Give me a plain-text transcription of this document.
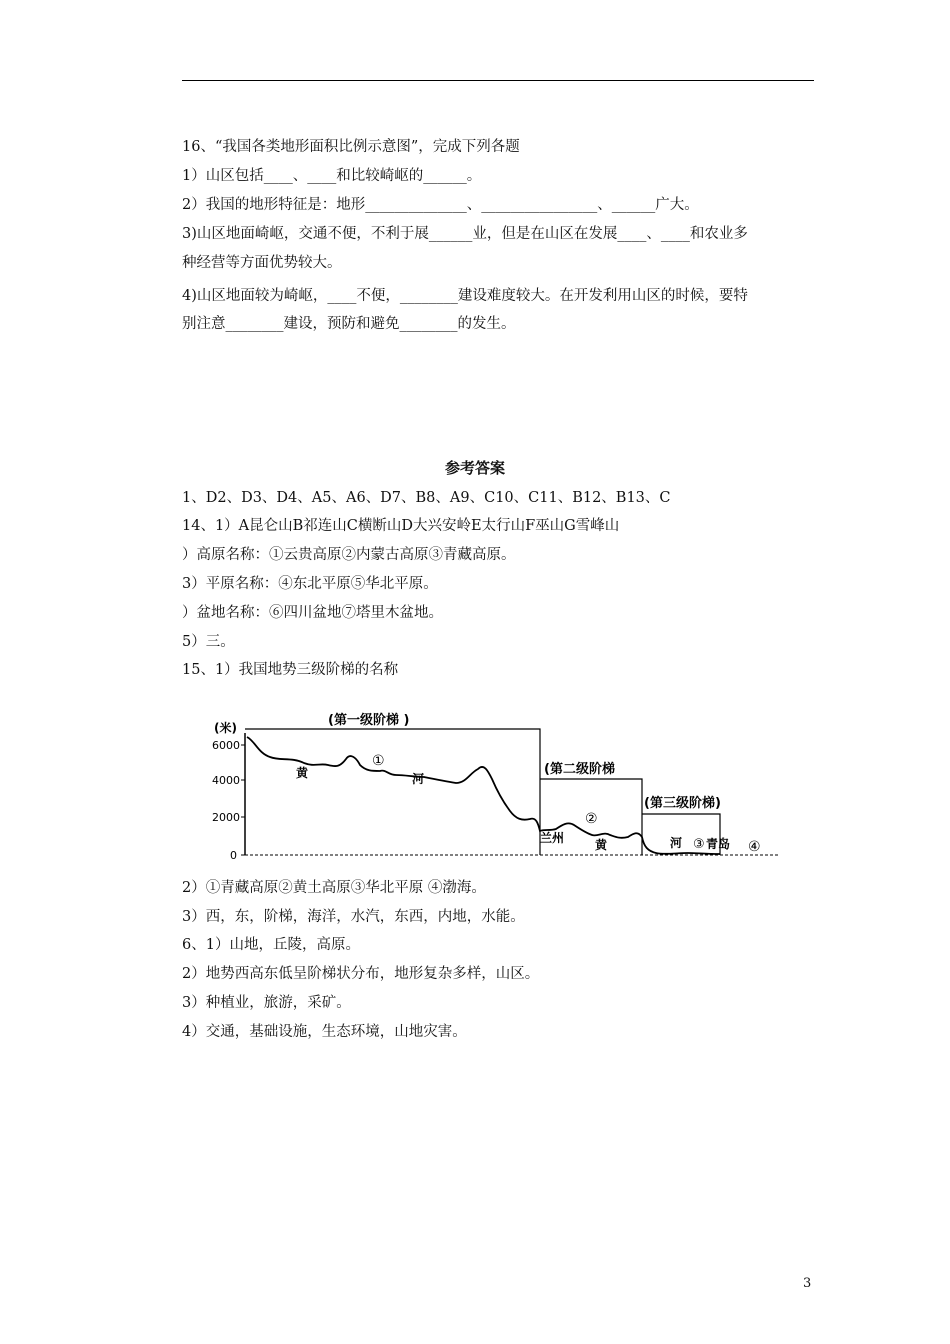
16、“我国各类地形面积比例示意图”，完成下列各题
1）山区包括____、____和比较崎岖的______。
2）我国的地形特征是：地形______________、________________、______广大。
3)山区地面崎岖，交通不便，不利于展______业，但是在山区在发展____、____和农业多
种经营等方面优势较大。
4)山区地面较为崎岖，____不便，________建设难度较大。在开发利用山区的时候，要特
别注意________建设，预防和避免________的发生。
参考答案
1、D2、D3、D4、A5、A6、D7、B8、A9、C10、C11、B12、B13、C
14、1）A昆仑山B祁连山C横断山D大兴安岭E太行山F巫山G雪峰山
）高原名称：①云贵高原②内蒙古高原③青藏高原。
3）平原名称：④东北平原⑤华北平原。
）盆地名称：⑥四川盆地⑦塔里木盆地。
5）三。
15、1）我国地势三级阶梯的名称
(米)
6000
4000
2000
0
(第一级阶梯 )
(第二级阶梯
(第三级阶梯)
①
②
③	④
黄	河
兰州	黄	河 青岛
2）①青藏高原②黄土高原③华北平原 ④渤海。
3）西，东，阶梯，海洋，水汽，东西，内地，水能。
6、1）山地，丘陵，高原。
2）地势西高东低呈阶梯状分布，地形复杂多样，山区。
3）种植业，旅游，采矿。
4）交通，基础设施，生态环境，山地灾害。
3
